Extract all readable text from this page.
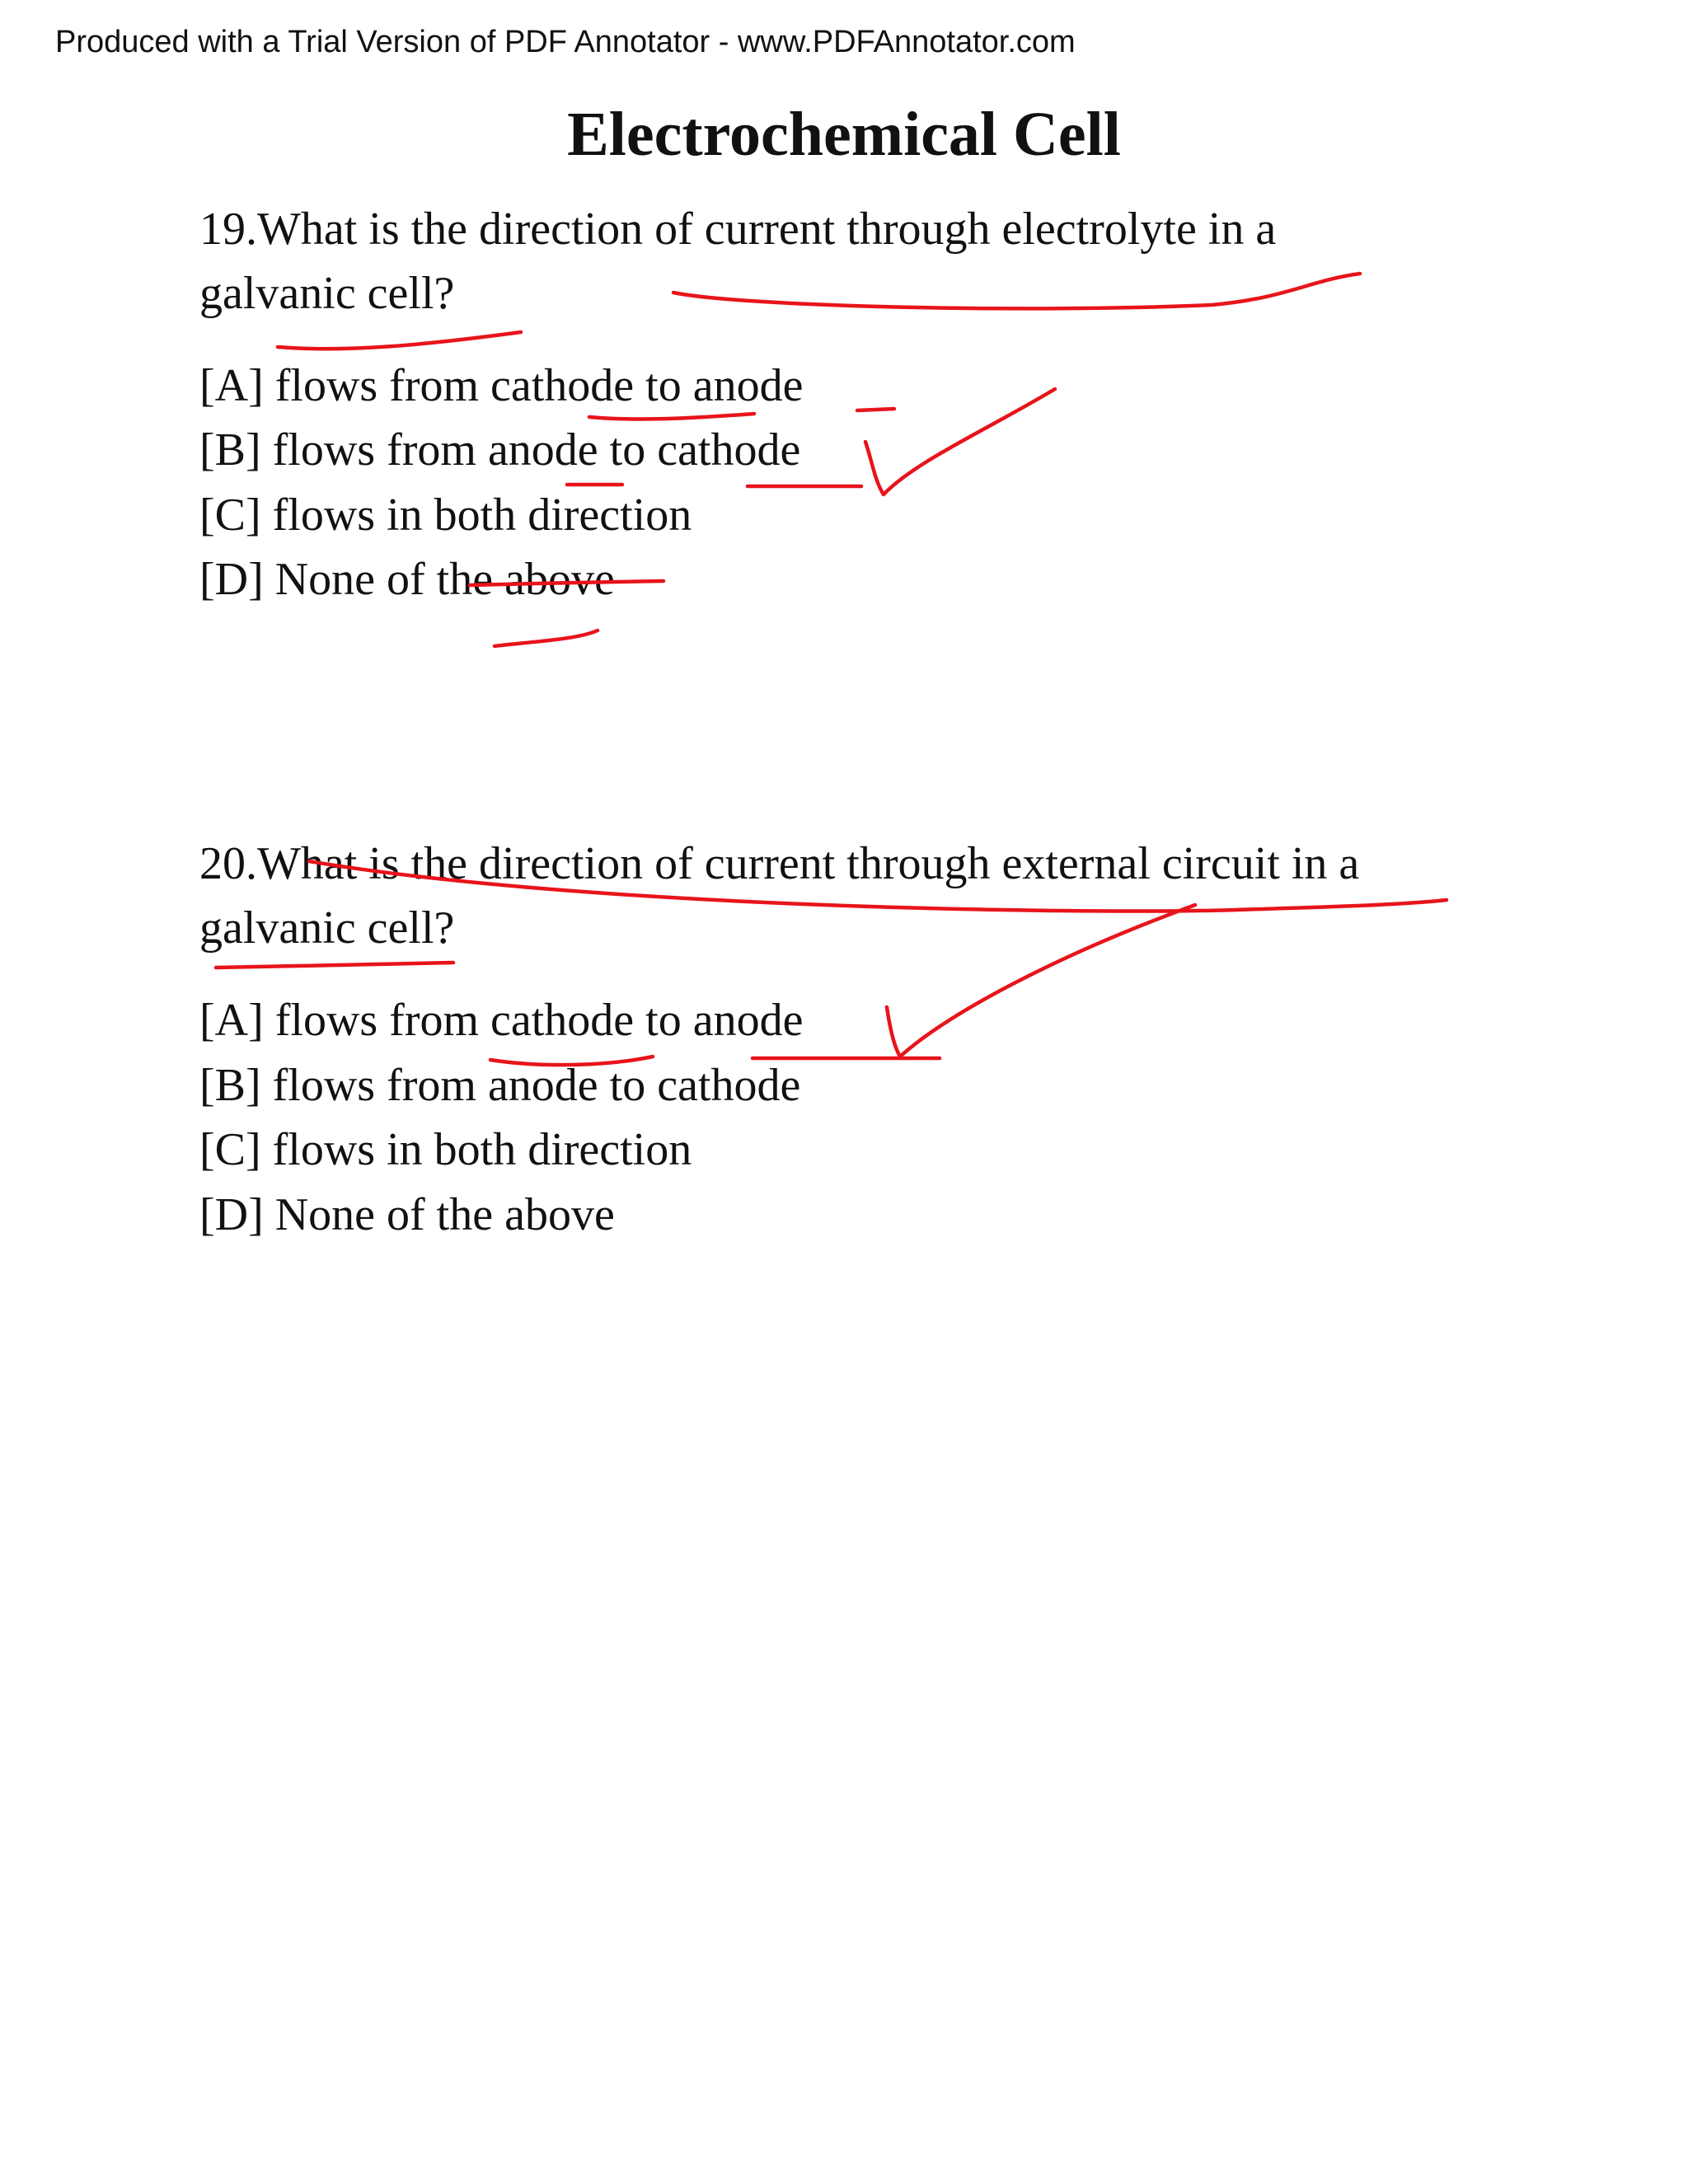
Produced with a Trial Version of PDF Annotator - www.PDFAnnotator.com
Electrochemical Cell
19.What is the direction of current through electrolyte in a
galvanic cell?
[A] flows from cathode to anode
[B] flows from anode to cathode
[C] flows in both direction
[D] None of the above
20.What is the direction of current through external circuit in a
galvanic cell?
[A] flows from cathode to anode
[B] flows from anode to cathode
[C] flows in both direction
[D] None of the above
